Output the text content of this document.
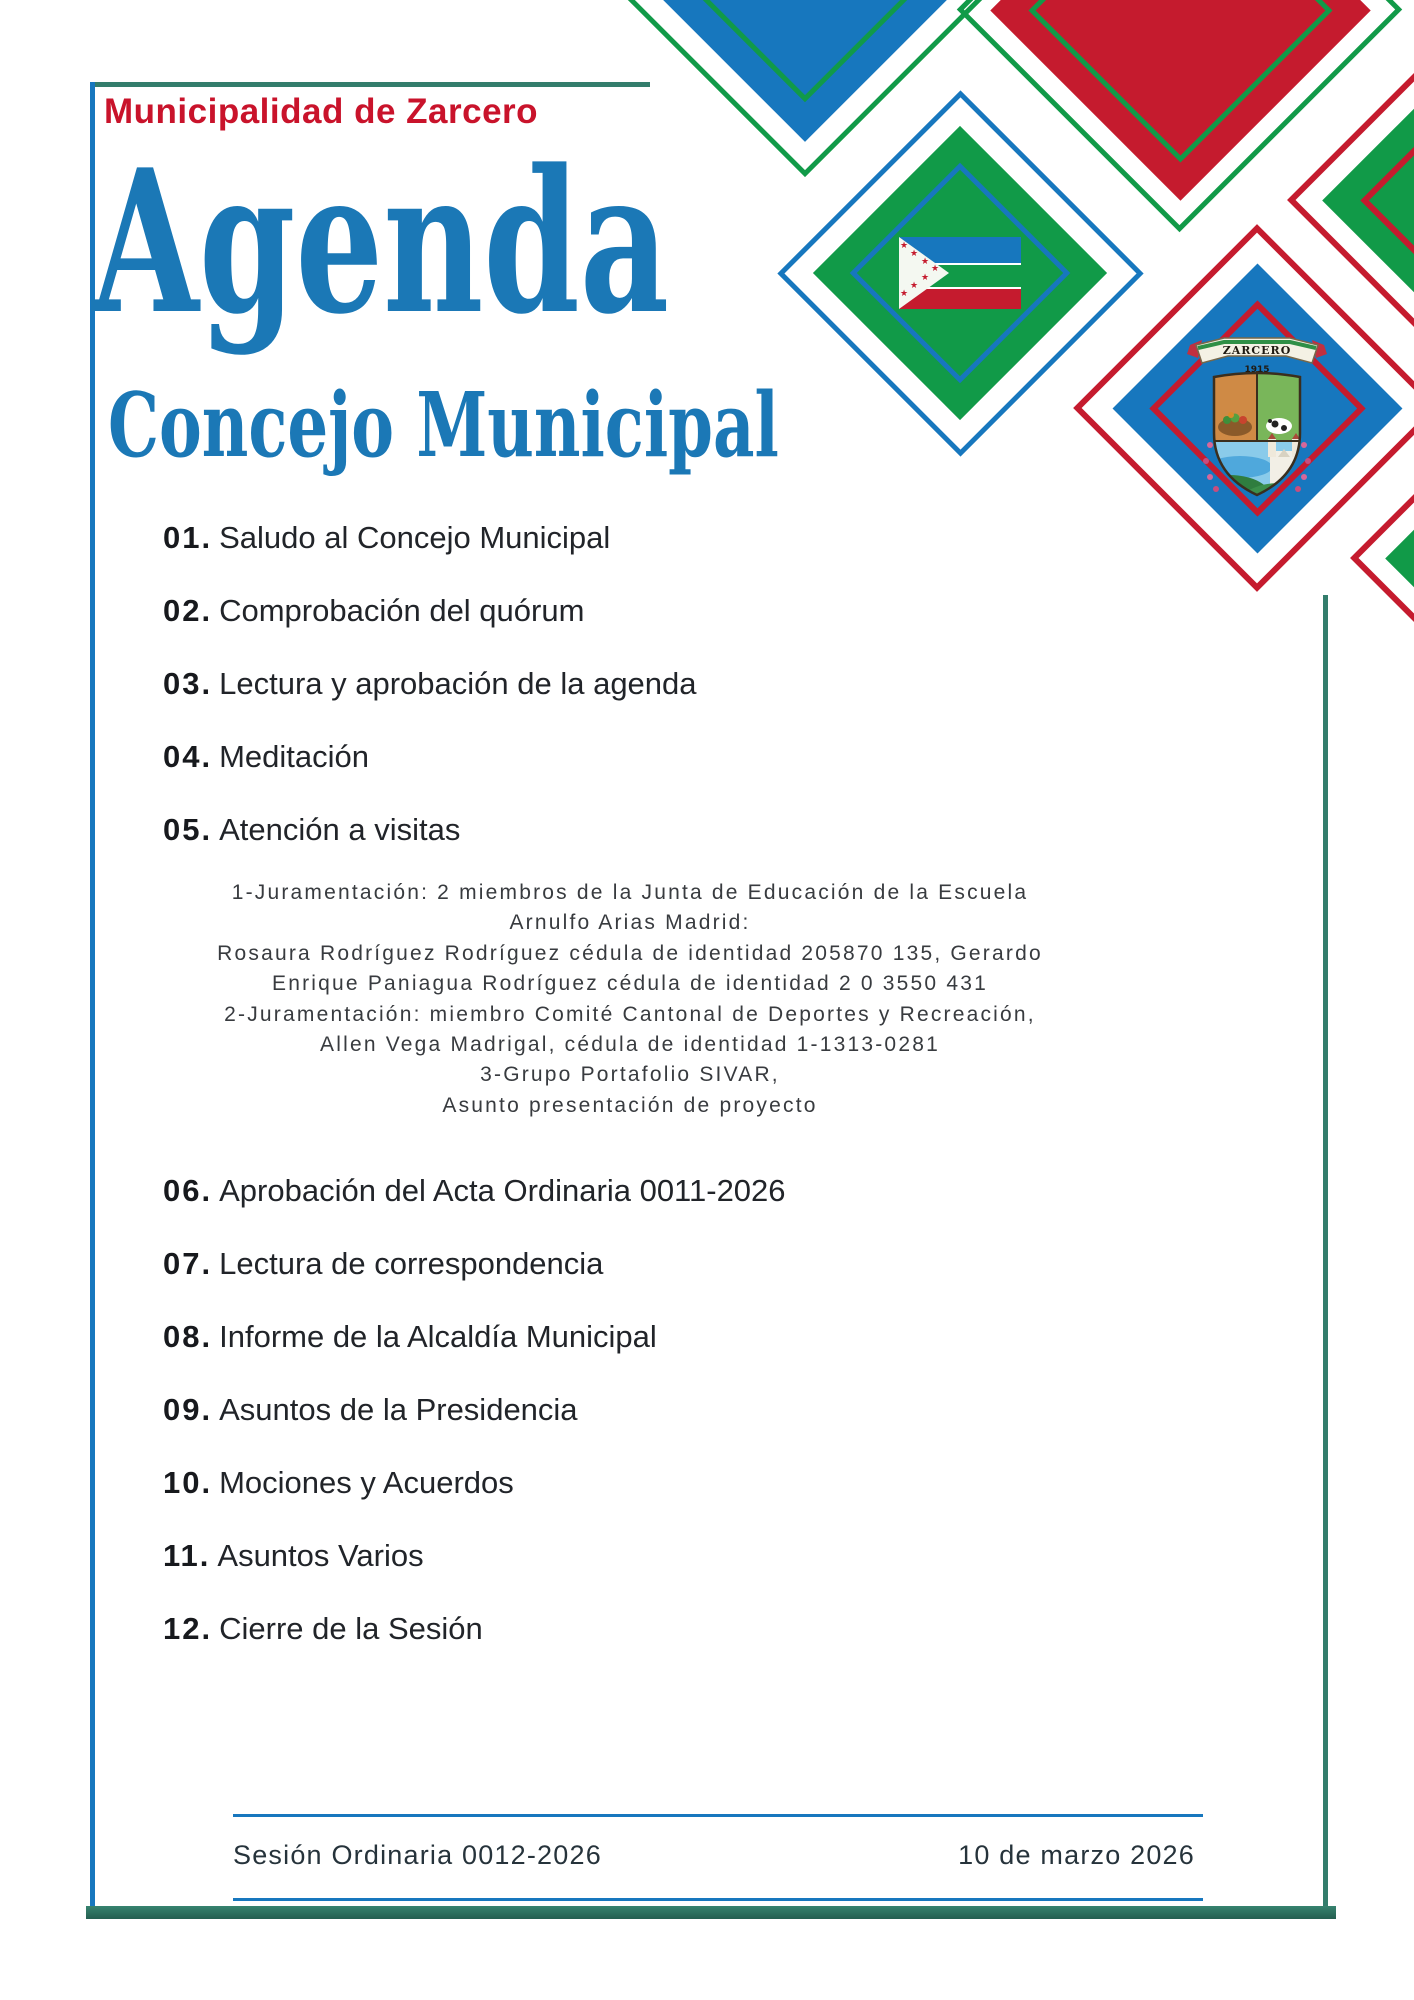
★
★
★
★
★
★
★
ZARCERO
1915
Municipalidad de Zarcero
Agenda
Concejo Municipal
01. Saludo al Concejo Municipal
02. Comprobación del quórum
03. Lectura y aprobación de la agenda
04. Meditación
05. Atención a visitas
1-Juramentación: 2 miembros de la Junta de Educación de la Escuela
Arnulfo Arias Madrid:
Rosaura Rodríguez Rodríguez cédula de identidad 205870 135, Gerardo
Enrique Paniagua Rodríguez cédula de identidad 2 0 3550 431
2-Juramentación: miembro Comité Cantonal de Deportes y Recreación,
Allen Vega Madrigal, cédula de identidad 1-1313-0281
3-Grupo Portafolio SIVAR,
Asunto presentación de proyecto
06. Aprobación del Acta Ordinaria 0011-2026
07. Lectura de correspondencia
08. Informe de la Alcaldía Municipal
09. Asuntos de la Presidencia
10. Mociones y Acuerdos
11. Asuntos Varios
12. Cierre de la Sesión
Sesión Ordinaria 0012-2026	10 de marzo 2026
